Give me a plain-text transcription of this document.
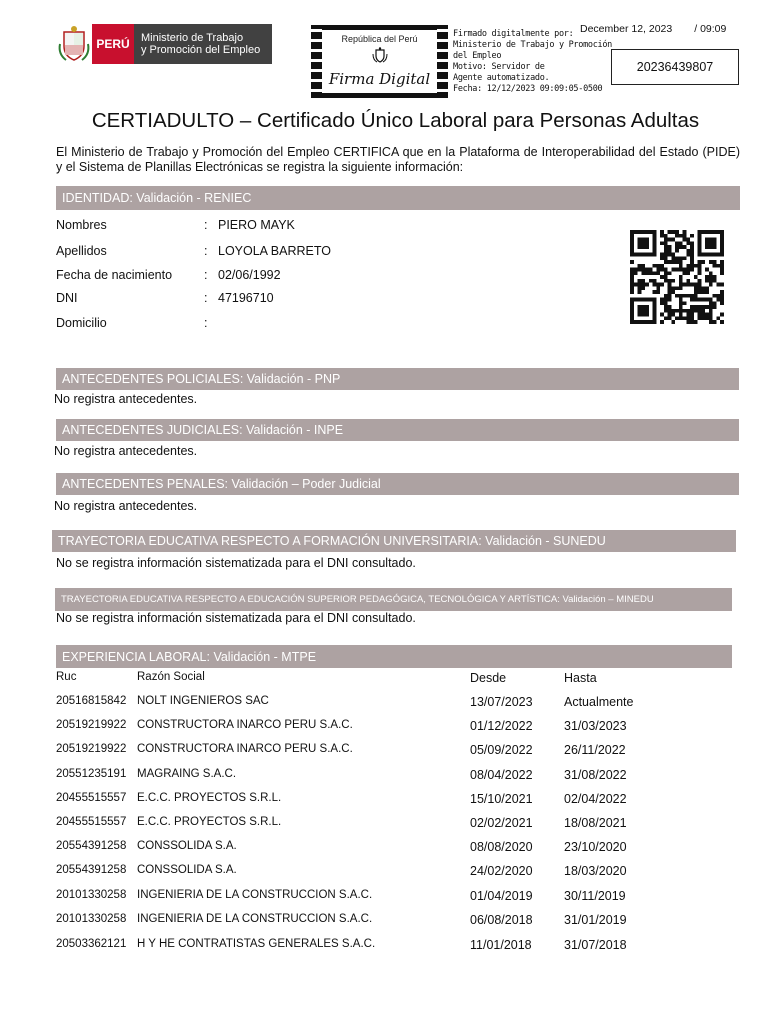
PERÚ	Ministerio de Trabajo
y Promoción del Empleo
República del Perú
Firma Digital
Firmado digitalmente por:
Ministerio de Trabajo y Promoción
del Empleo
Motivo: Servidor de
Agente automatizado.
Fecha: 12/12/2023 09:09:05-0500
December 12, 2023 / 09:09
20236439807
CERTIADULTO – Certificado Único Laboral para Personas Adultas
El Ministerio de Trabajo y Promoción del Empleo CERTIFICA que en la Plataforma de Interoperabilidad del Estado (PIDE) y el Sistema de Planillas Electrónicas se registra la siguiente información:
IDENTIDAD: Validación - RENIEC
Nombres	: PIERO MAYK
Apellidos	: LOYOLA BARRETO
Fecha de nacimiento	: 02/06/1992
DNI	: 47196710
Domicilio	:
ANTECEDENTES POLICIALES: Validación - PNP
No registra antecedentes.
ANTECEDENTES JUDICIALES: Validación - INPE
No registra antecedentes.
ANTECEDENTES PENALES: Validación – Poder Judicial
No registra antecedentes.
TRAYECTORIA EDUCATIVA RESPECTO A FORMACIÓN UNIVERSITARIA: Validación - SUNEDU
No se registra información sistematizada para el DNI consultado.
TRAYECTORIA EDUCATIVA RESPECTO A EDUCACIÓN SUPERIOR PEDAGÓGICA, TECNOLÓGICA Y ARTÍSTICA: Validación – MINEDU
No se registra información sistematizada para el DNI consultado.
EXPERIENCIA LABORAL: Validación - MTPE
Ruc	Razón Social	Desde	Hasta
20516815842 NOLT INGENIEROS SAC	13/07/2023	Actualmente
20519219922 CONSTRUCTORA INARCO PERU S.A.C.	01/12/2022	31/03/2023
20519219922 CONSTRUCTORA INARCO PERU S.A.C.	05/09/2022	26/11/2022
20551235191 MAGRAING S.A.C.	08/04/2022	31/08/2022
20455515557 E.C.C. PROYECTOS S.R.L.	15/10/2021	02/04/2022
20455515557 E.C.C. PROYECTOS S.R.L.	02/02/2021	18/08/2021
20554391258 CONSSOLIDA S.A.	08/08/2020	23/10/2020
20554391258 CONSSOLIDA S.A.	24/02/2020	18/03/2020
20101330258 INGENIERIA DE LA CONSTRUCCION S.A.C.	01/04/2019	30/11/2019
20101330258 INGENIERIA DE LA CONSTRUCCION S.A.C.	06/08/2018	31/01/2019
20503362121 H Y HE CONTRATISTAS GENERALES S.A.C.	11/01/2018	31/07/2018
